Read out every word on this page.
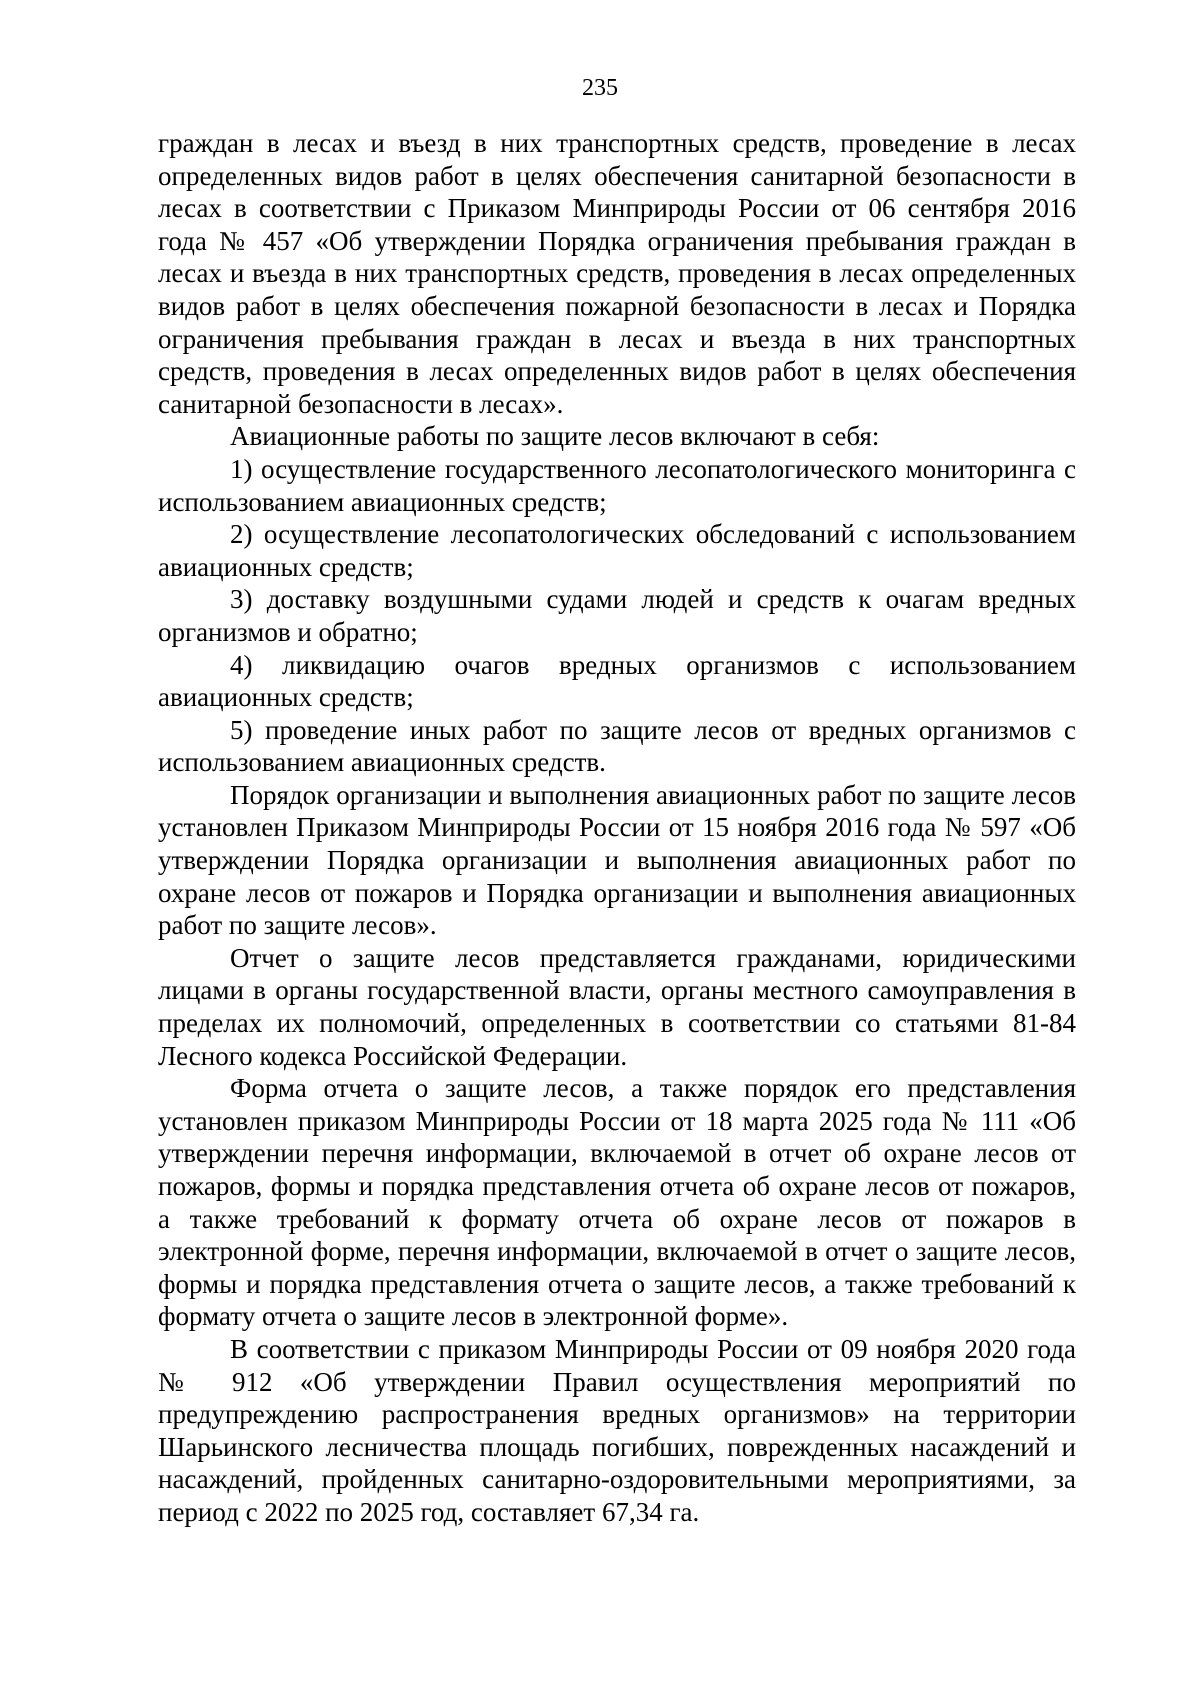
235

граждан в лесах и въезд в них транспортных средств, проведение в лесах определенных видов работ в целях обеспечения санитарной безопасности в лесах в соответствии с Приказом Минприроды России от 06 сентября 2016 года № 457 «Об утверждении Порядка ограничения пребывания граждан в лесах и въезда в них транспортных средств, проведения в лесах определенных видов работ в целях обеспечения пожарной безопасности в лесах и Порядка ограничения пребывания граждан в лесах и въезда в них транспортных средств, проведения в лесах определенных видов работ в целях обеспечения санитарной безопасности в лесах».

Авиационные работы по защите лесов включают в себя:

1) осуществление государственного лесопатологического мониторинга с использованием авиационных средств;

2) осуществление лесопатологических обследований с использованием авиационных средств;

3) доставку воздушными судами людей и средств к очагам вредных организмов и обратно;

4) ликвидацию очагов вредных организмов с использованием авиационных средств;

5) проведение иных работ по защите лесов от вредных организмов с использованием авиационных средств.

Порядок организации и выполнения авиационных работ по защите лесов установлен Приказом Минприроды России от 15 ноября 2016 года № 597 «Об утверждении Порядка организации и выполнения авиационных работ по охране лесов от пожаров и Порядка организации и выполнения авиационных работ по защите лесов».

Отчет о защите лесов представляется гражданами, юридическими лицами в органы государственной власти, органы местного самоуправления в пределах их полномочий, определенных в соответствии со статьями 81-84 Лесного кодекса Российской Федерации.

Форма отчета о защите лесов, а также порядок его представления установлен приказом Минприроды России от 18 марта 2025 года № 111 «Об утверждении перечня информации, включаемой в отчет об охране лесов от пожаров, формы и порядка представления отчета об охране лесов от пожаров, а также требований к формату отчета об охране лесов от пожаров в электронной форме, перечня информации, включаемой в отчет о защите лесов, формы и порядка представления отчета о защите лесов, а также требований к формату отчета о защите лесов в электронной форме».

В соответствии с приказом Минприроды России от 09 ноября 2020 года № 912 «Об утверждении Правил осуществления мероприятий по предупреждению распространения вредных организмов» на территории Шарьинского лесничества площадь погибших, поврежденных насаждений и насаждений, пройденных санитарно-оздоровительными мероприятиями, за период с 2022 по 2025 год, составляет 67,34 га.
